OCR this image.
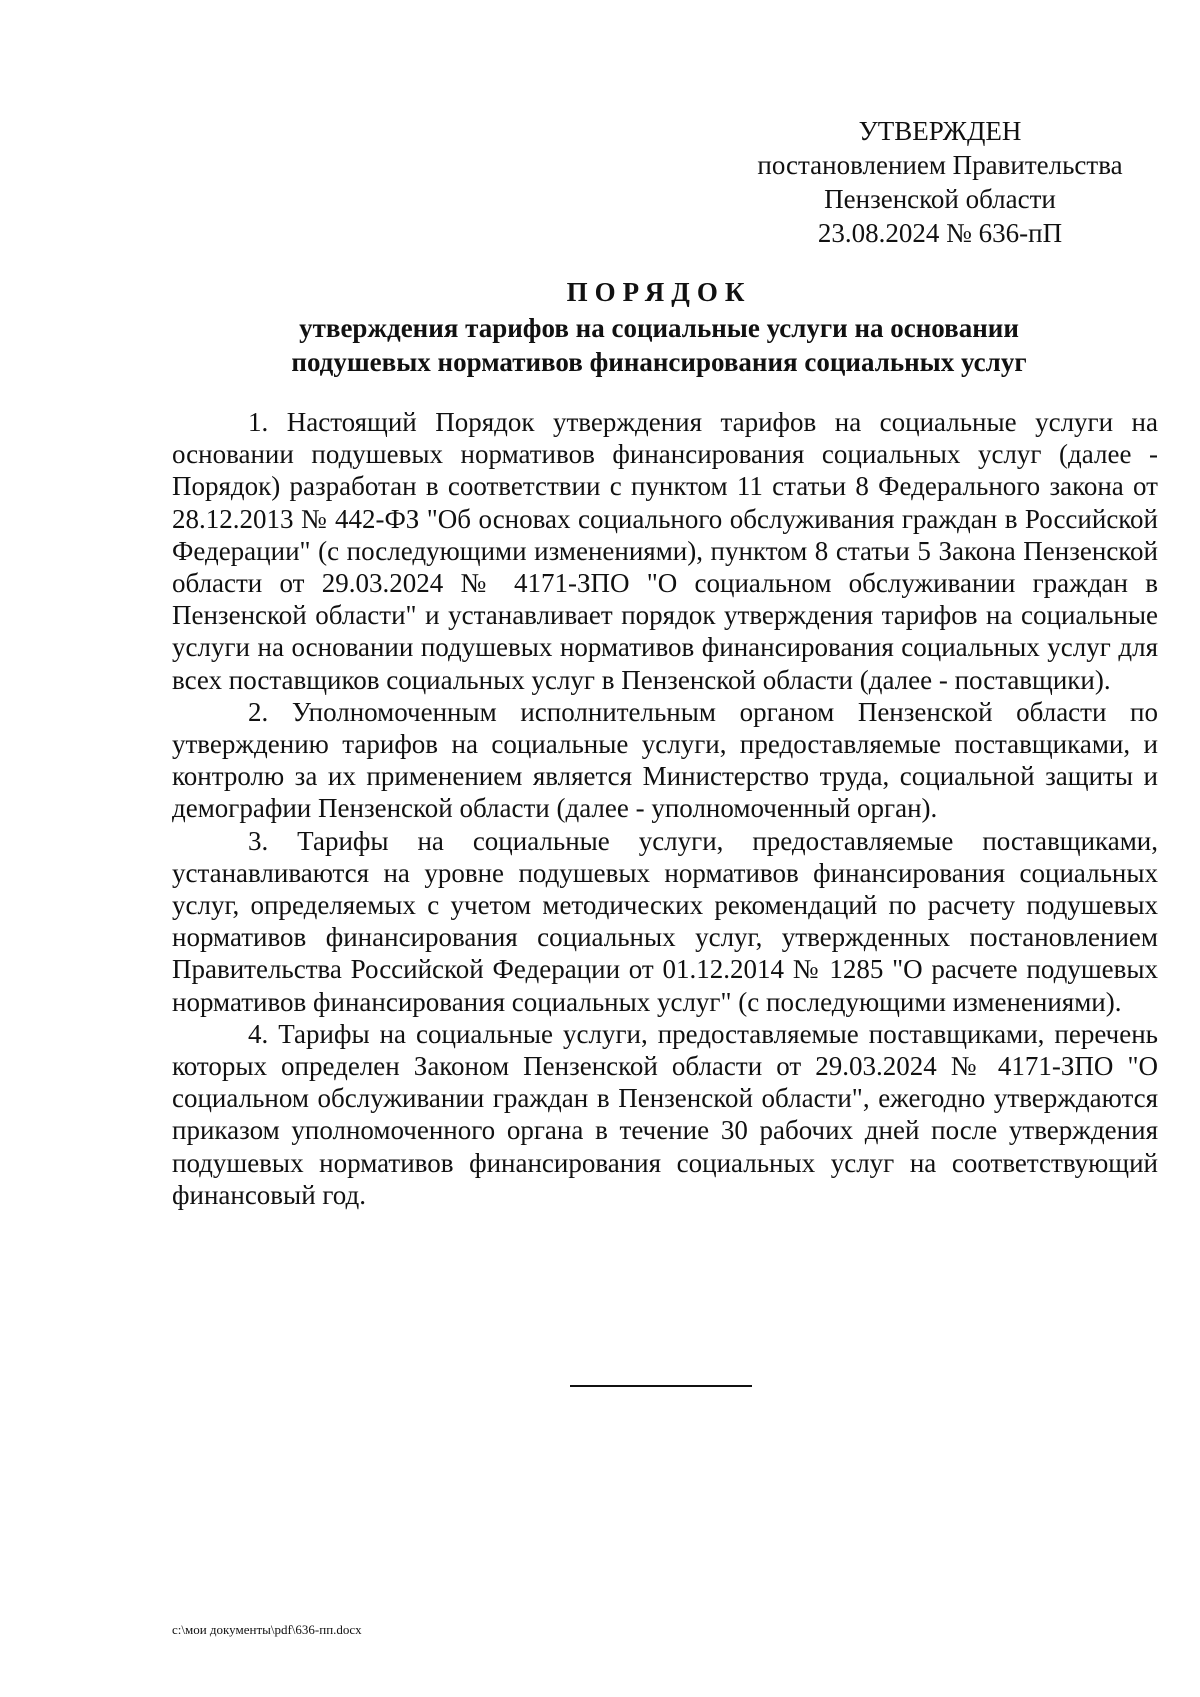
УТВЕРЖДЕН
постановлением Правительства
Пензенской области
23.08.2024 № 636-пП
ПОРЯДОК
утверждения тарифов на социальные услуги на основании
подушевых нормативов финансирования социальных услуг

1. Настоящий Порядок утверждения тарифов на социальные услуги на основании подушевых нормативов финансирования социальных услуг (далее - Порядок) разработан в соответствии с пунктом 11 статьи 8 Федерального закона от 28.12.2013 № 442-ФЗ "Об основах социального обслуживания граждан в Российской Федерации" (с последующими изменениями), пунктом 8 статьи 5 Закона Пензенской области от 29.03.2024 № 4171-ЗПО "О социальном обслуживании граждан в Пензенской области" и устанавливает порядок утверждения тарифов на социальные услуги на основании подушевых нормативов финансирования социальных услуг для всех поставщиков социальных услуг в Пензенской области (далее - поставщики).

2. Уполномоченным исполнительным органом Пензенской области по утверждению тарифов на социальные услуги, предоставляемые поставщиками, и контролю за их применением является Министерство труда, социальной защиты и демографии Пензенской области (далее - уполномоченный орган).

3. Тарифы на социальные услуги, предоставляемые поставщиками, устанавливаются на уровне подушевых нормативов финансирования социальных услуг, определяемых с учетом методических рекомендаций по расчету подушевых нормативов финансирования социальных услуг, утвержденных постановлением Правительства Российской Федерации от 01.12.2014 № 1285 "О расчете подушевых нормативов финансирования социальных услуг" (с последующими изменениями).

4. Тарифы на социальные услуги, предоставляемые поставщиками, перечень которых определен Законом Пензенской области от 29.03.2024 № 4171-ЗПО "О социальном обслуживании граждан в Пензенской области", ежегодно утверждаются приказом уполномоченного органа в течение 30 рабочих дней после утверждения подушевых нормативов финансирования социальных услуг на соответствующий финансовый год.

c:\мои документы\pdf\636-пп.docx
